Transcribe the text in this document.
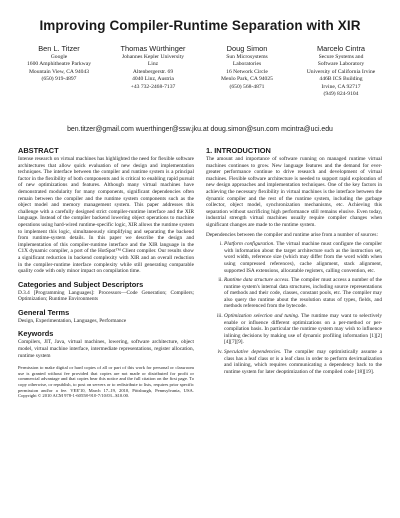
Improving Compiler-Runtime Separation with XIR
Ben L. Titzer
Google
1600 Amphitheatre Parkway
Mountain View, CA 94043
(650) 919-4897
Thomas Würthinger
Johannes Kepler University
Linz
Altenbergerstr. 69
4040 Linz, Austria
+43 732-2468-7137
Doug Simon
Sun Microsystems
Laboratories
16 Network Circle
Menlo Park, CA 94025
(650) 568-4871
Marcelo Cintra
Secure Systems and
Software Laboratory
University of California Irvine
446B ICS Building
Irvine, CA 92717
(949) 824-9104
ben.titzer@gmail.com wuerthinger@ssw.jku.at doug.simon@sun.com mcintra@uci.edu
ABSTRACT

Intense research on virtual machines has highlighted the need for flexible software architectures that allow quick evaluation of new design and implementation techniques. The interface between the compiler and runtime system is a principal factor in the flexibility of both components and is critical to enabling rapid pursuit of new optimizations and features. Although many virtual machines have demonstrated modularity for many components, significant dependencies often remain between the compiler and the runtime system components such as the object model and memory management system. This paper addresses this challenge with a carefully designed strict compiler-runtime interface and the XIR language. Instead of the compiler backend lowering object operations to machine operations using hard-wired runtime-specific logic, XIR allows the runtime system to implement this logic, simultaneously simplifying and separating the backend from runtime-system details. In this paper we describe the design and implementation of this compiler-runtime interface and the XIR language in the C1X dynamic compiler, a port of the HotSpot™ Client compiler. Our results show a significant reduction in backend complexity with XIR and an overall reduction in the compiler-runtime interface complexity while still generating comparable quality code with only minor impact on compilation time.

Categories and Subject Descriptors

D.3.4 [Programming Languages]: Processors—Code Generation; Compilers; Optimization; Runtime Environments

General Terms

Design, Experimentation, Languages, Performance

Keywords

Compilers, JIT, Java, virtual machines, lowering, software architecture, object model, virtual machine interface, intermediate representations, register allocation, runtime system

Permission to make digital or hard copies of all or part of this work for personal or classroom use is granted without fee provided that copies are not made or distributed for profit or commercial advantage and that copies bear this notice and the full citation on the first page. To copy otherwise, or republish, to post on servers or to redistribute to lists, requires prior specific permission and/or a fee. VEE'10, March 17–19, 2010, Pittsburgh, Pennsylvania, USA. Copyright © 2010 ACM 978-1-60558-910-7/10/03...$10.00.
1. INTRODUCTION

The amount and importance of software running on managed runtime virtual machines continues to grow. New language features and the demand for ever-greater performance continue to drive research and development of virtual machines. Flexible software architecture is needed to support rapid exploration of new design approaches and implementation techniques. One of the key factors in achieving the necessary flexibility in virtual machines is the interface between the dynamic compiler and the rest of the runtime system, including the garbage collector, object model, synchronization mechanisms, etc. Achieving this separation without sacrificing high performance still remains elusive. Even today, industrial strength virtual machines usually require compiler changes when significant changes are made to the runtime system.

Dependencies between the compiler and runtime arise from a number of sources:

i. Platform configuration. The virtual machine must configure the compiler with information about the target architecture such as the instruction set, word width, reference size (which may differ from the word width when using compressed references), cache alignment, stack alignment, supported ISA extensions, allocatable registers, calling convention, etc.
ii. Runtime data structure access. The compiler must access a number of the runtime system's internal data structures, including source representations of methods and their code, classes, constant pools, etc. The compiler may also query the runtime about the resolution status of types, fields, and methods referenced from the bytecode.
iii. Optimization selection and tuning. The runtime may want to selectively enable or influence different optimizations on a per-method or per-compilation basis. In particular the runtime system may wish to influence inlining decisions by making use of dynamic profiling information [1][2][4][7][9].
iv. Speculative dependencies. The compiler may optimistically assume a class has a leaf class or is a leaf class in order to perform devirtualization and inlining, which requires communicating a dependency back to the runtime system for later deoptimization of the compiled code [18][19].
